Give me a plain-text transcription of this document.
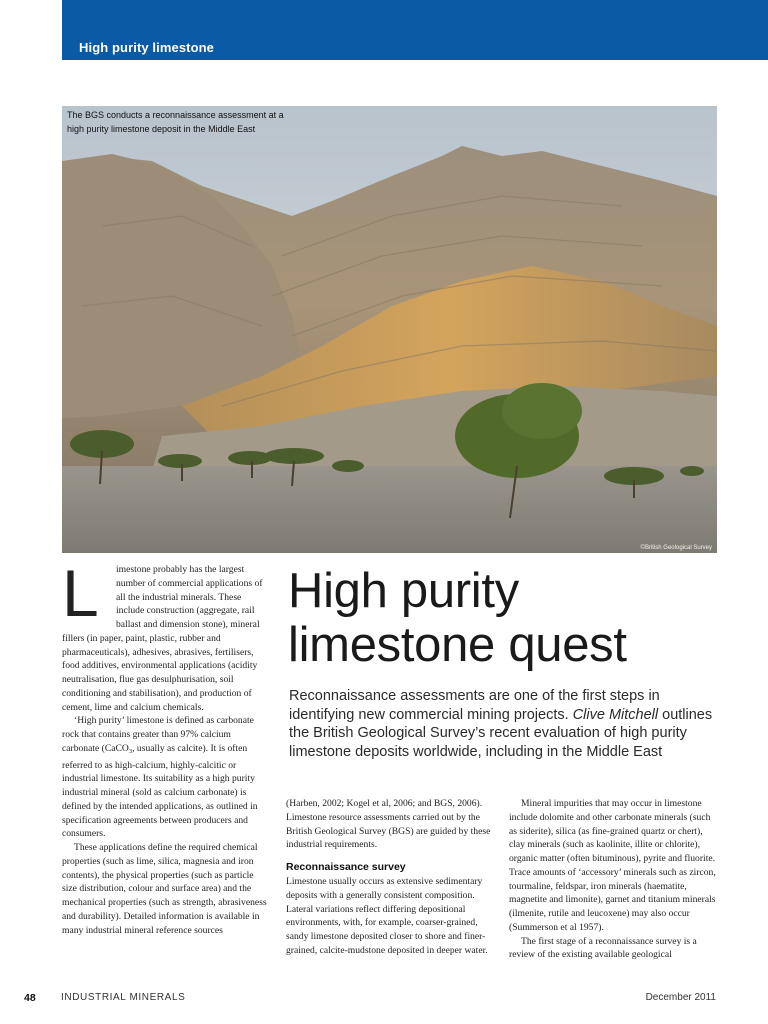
High purity limestone
The BGS conducts a reconnaissance assessment at a high purity limestone deposit in the Middle East
©British Geological Survey
L	imestone probably has the largest number of commercial applications of all the industrial minerals. These include construction (aggregate, rail ballast and dimension stone), mineral fillers (in paper, paint, plastic, rubber and pharmaceuticals), adhesives, abrasives, fertilisers, food additives, environmental applications (acidity neutralisation, flue gas desulphurisation, soil conditioning and stabilisation), and production of cement, lime and calcium chemicals.

‘High purity’ limestone is defined as carbonate rock that contains greater than 97% calcium carbonate (CaCO$_3$, usually as calcite). It is often referred to as high-calcium, highly-calcitic or industrial limestone. Its suitability as a high purity industrial mineral (sold as calcium carbonate) is defined by the intended applications, as outlined in specification agreements between producers and consumers.

These applications define the required chemical properties (such as lime, silica, magnesia and iron contents), the physical properties (such as particle size distribution, colour and surface area) and the mechanical properties (such as strength, abrasiveness and durability). Detailed information is available in many industrial mineral reference sources

High purity
limestone quest
Reconnaissance assessments are one of the first steps in identifying new commercial mining projects. Clive Mitchell outlines the British Geological Survey’s recent evaluation of high purity limestone deposits worldwide, including in the Middle East

(Harben, 2002; Kogel et al, 2006; and BGS, 2006). Limestone resource assessments carried out by the British Geological Survey (BGS) are guided by these industrial requirements.

Reconnaissance survey

Limestone usually occurs as extensive sedimentary deposits with a generally consistent composition. Lateral variations reflect differing depositional environments, with, for example, coarser-grained, sandy limestone deposited closer to shore and finer-grained, calcite-mudstone deposited in deeper water.

Mineral impurities that may occur in limestone include dolomite and other carbonate minerals (such as siderite), silica (as fine-grained quartz or chert), clay minerals (such as kaolinite, illite or chlorite), organic matter (often bituminous), pyrite and fluorite. Trace amounts of ‘accessory’ minerals such as zircon, tourmaline, feldspar, iron minerals (haematite, magnetite and limonite), garnet and titanium minerals (ilmenite, rutile and leucoxene) may also occur (Summerson et al 1957).

The first stage of a reconnaissance survey is a review of the existing available geological

48	INDUSTRIAL MINERALS	December 2011
